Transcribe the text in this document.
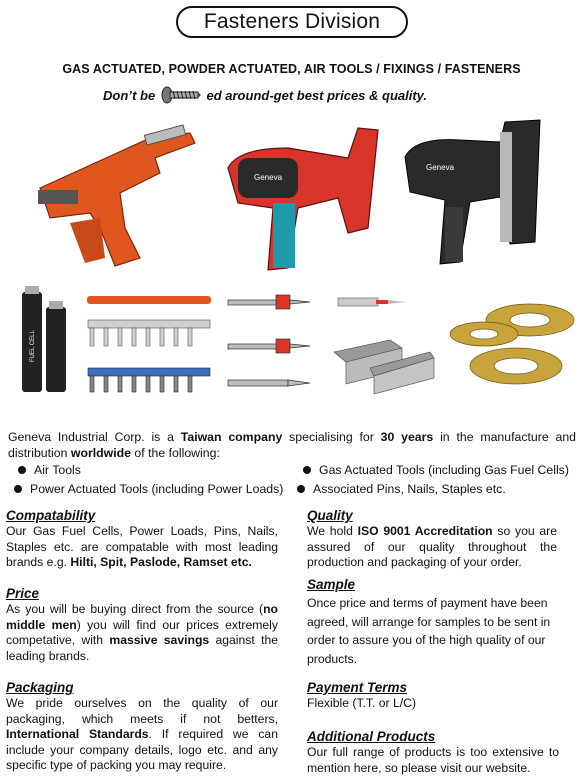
Fasteners Division
GAS ACTUATED, POWDER ACTUATED, AIR TOOLS / FIXINGS / FASTENERS
Don’t be	ed around-get best prices & quality.
Geneva
Geneva
FUEL CELL
Geneva Industrial Corp. is a Taiwan company specialising for 30 years in the manufacture and distribution worldwide of the following:
Air Tools	Gas Actuated Tools (including Gas Fuel Cells)
Power Actuated Tools (including Power Loads)	Associated Pins, Nails, Staples etc.
Compatability
Our Gas Fuel Cells, Power Loads, Pins, Nails, Staples etc. are compatable with most leading brands e.g. Hilti, Spit, Paslode, Ramset etc.
Price
As you will be buying direct from the source (no middle men) you will find our prices extremely competative, with massive savings against the leading brands.
Packaging
We pride ourselves on the quality of our packaging, which meets if not betters, International Standards. If required we can include your company details, logo etc. and any specific type of packing you may require.
Quality
We hold ISO 9001 Accreditation so you are assured of our quality throughout the production and packaging of your order.
Sample
Once price and terms of payment have been agreed, will arrange for samples to be sent in order to assure you of the high quality of our products.
Payment Terms
Flexible (T.T. or L/C)
Additional Products
Our full range of products is too extensive to mention here, so please visit our website.
